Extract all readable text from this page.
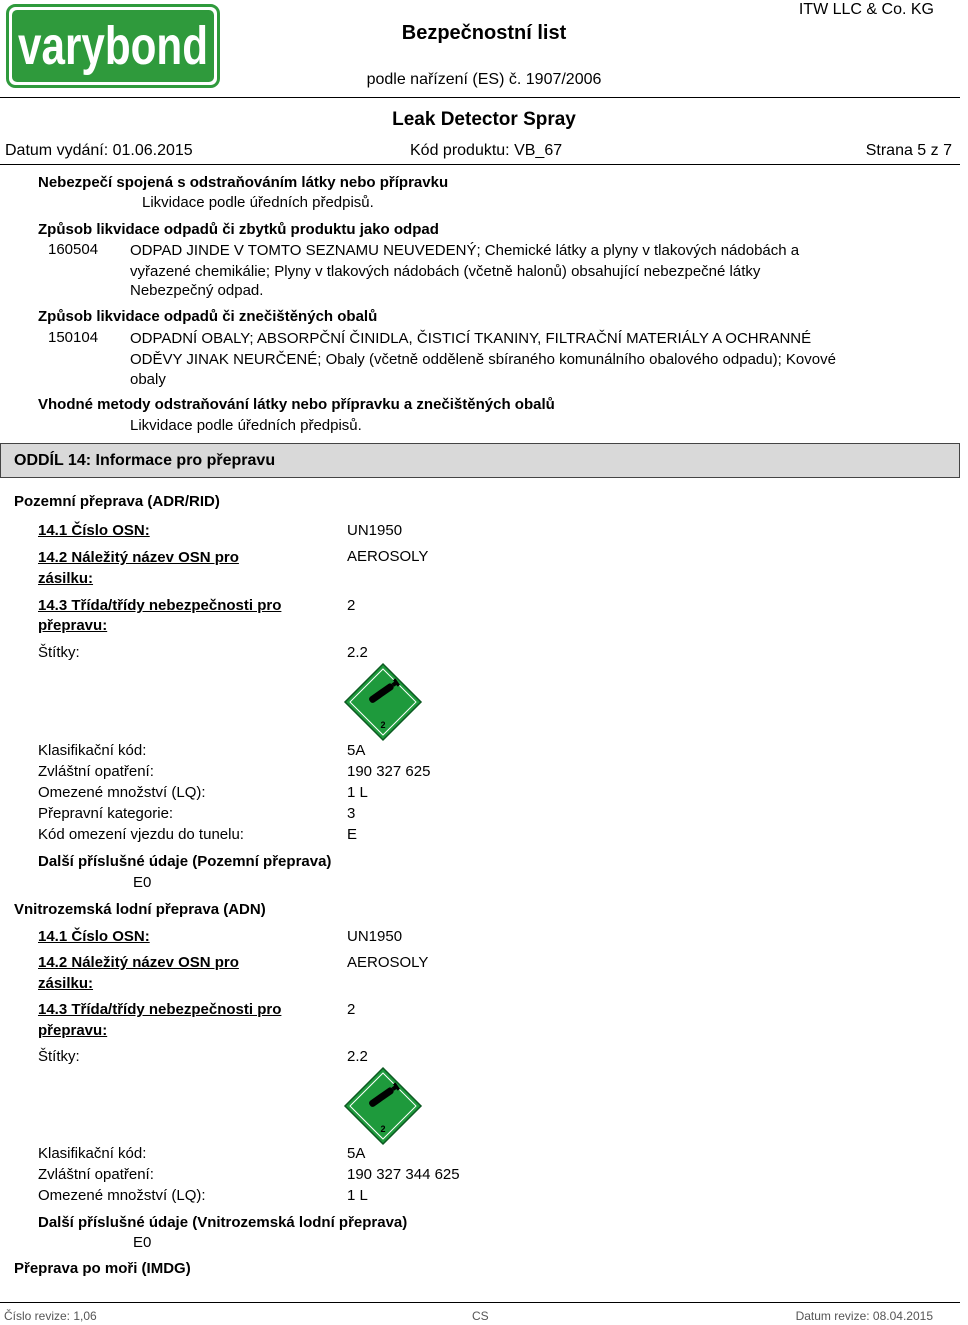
varybond	Bezpečnostní list
ITW LLC & Co. KG
podle nařízení (ES) č. 1907/2006
Leak Detector Spray
Datum vydání: 01.06.2015	Kód produktu: VB_67	Strana 5 z 7
Nebezpečí spojená s odstraňováním látky nebo přípravku
Likvidace podle úředních předpisů.
Způsob likvidace odpadů či zbytků produktu jako odpad
160504 ODPAD JINDE V TOMTO SEZNAMU NEUVEDENÝ; Chemické látky a plyny v tlakových nádobách a vyřazené chemikálie; Plyny v tlakových nádobách (včetně halonů) obsahující nebezpečné látky
Nebezpečný odpad.
Způsob likvidace odpadů či znečištěných obalů
150104 ODPADNÍ OBALY; ABSORPČNÍ ČINIDLA, ČISTICÍ TKANINY, FILTRAČNÍ MATERIÁLY A OCHRANNÉ ODĚVY JINAK NEURČENÉ; Obaly (včetně odděleně sbíraného komunálního obalového odpadu); Kovové obaly
Vhodné metody odstraňování látky nebo přípravku a znečištěných obalů
Likvidace podle úředních předpisů.
ODDÍL 14: Informace pro přepravu
Pozemní přeprava (ADR/RID)
14.1 Číslo OSN:	UN1950
14.2 Náležitý název OSN pro
zásilku:
AEROSOLY
14.3 Třída/třídy nebezpečnosti pro
přepravu:
2
Štítky:	2.2
2
Klasifikační kód:	5A
Zvláštní opatření:	190 327 625
Omezené množství (LQ):	1 L
Přepravní kategorie:	3
Kód omezení vjezdu do tunelu:	E
Další příslušné údaje (Pozemní přeprava)
E0
Vnitrozemská lodní přeprava (ADN)
14.1 Číslo OSN:	UN1950
14.2 Náležitý název OSN pro
zásilku:
AEROSOLY
14.3 Třída/třídy nebezpečnosti pro
přepravu:
2
Štítky:	2.2
2
Klasifikační kód:	5A
Zvláštní opatření:	190 327 344 625
Omezené množství (LQ):	1 L
Další příslušné údaje (Vnitrozemská lodní přeprava)
E0
Přeprava po moři (IMDG)
Číslo revize: 1,06	CS	Datum revize: 08.04.2015
